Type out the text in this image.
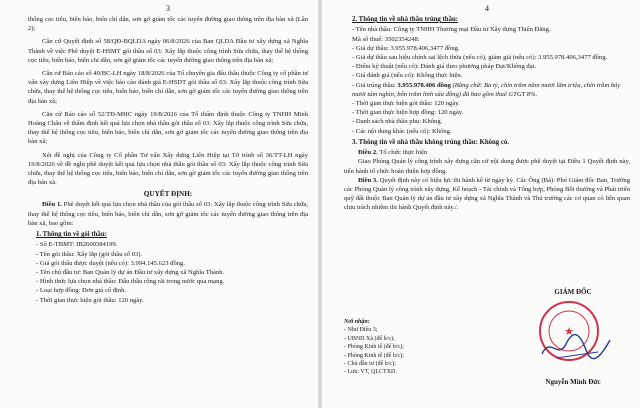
3

thống cọc tiêu, biển báo, biển chỉ dẫn, sơn gờ giảm tốc các tuyến đường giao thông trên địa bàn xã (Lần 2);

Căn cứ Quyết định số 58/QĐ-BQLDA ngày 06/8/2026 của Ban QLDA Đầu tư xây dựng xã Nghĩa Thành về việc Phê duyệt E-HSMT gói thầu số 03: Xây lắp thuộc công trình Sửa chữa, thay thế hệ thống cọc tiêu, biển báo, biển chỉ dẫn, sơn gờ giảm tốc các tuyến đường giao thông trên địa bàn xã;

Căn cứ Báo cáo số 40/BC-LH ngày 18/8/2026 của Tổ chuyên gia đấu thầu thuộc Công ty cổ phần tư vấn xây dựng Liên Hiệp về việc báo cáo đánh giá E-HSDT gói thầu số 03: Xây lắp thuộc công trình Sửa chữa, thay thế hệ thống cọc tiêu, biển báo, biển chỉ dẫn, sơn gờ giảm tốc các tuyến đường giao thông trên địa bàn xã;

Căn cứ Báo cáo số 52/TĐ-MHC ngày 19/8/2026 của Tổ thẩm định thuộc Công ty TNHH Minh Hoàng Châu về thẩm định kết quả lựa chọn nhà thầu gói thầu số 03: Xây lắp thuộc công trình Sửa chữa, thay thế hệ thống cọc tiêu, biển báo, biển chỉ dẫn, sơn gờ giảm tốc các tuyến đường giao thông trên địa bàn xã;

Xét đề nghị của Công ty Cổ phần Tư vấn Xây dựng Liên Hiệp tại Tờ trình số 36/TT-LH ngày 19/8/2026 về đề nghị phê duyệt kết quả lựa chọn nhà thầu gói thầu số 03: Xây lắp thuộc công trình Sửa chữa, thay thế hệ thống cọc tiêu, biển báo, biển chỉ dẫn, sơn gờ giảm tốc các tuyến đường giao thông trên địa bàn xã.

QUYẾT ĐỊNH:

Điều 1. Phê duyệt kết quả lựa chọn nhà thầu của gói thầu số 03: Xây lắp thuộc công trình Sửa chữa, thay thế hệ thống cọc tiêu, biển báo, biển chỉ dẫn, sơn gờ giảm tốc các tuyến đường giao thông trên địa bàn xã, bao gồm:

1. Thông tin về gói thầu:
- Số E-TBMT: IB2600384199.
- Tên gói thầu: Xây lắp (gói thầu số 03).
- Giá gói thầu được duyệt (nếu có): 3.994.145.623 đồng.
- Tên chủ đầu tư: Ban Quản lý dự án Đầu tư xây dựng xã Nghĩa Thành.
- Hình thức lựa chọn nhà thầu: Đấu thầu rộng rãi trong nước qua mạng.
- Loại hợp đồng: Đơn giá cố định.
- Thời gian thực hiện gói thầu: 120 ngày.
4
2. Thông tin về nhà thầu trúng thầu:
- Tên nhà thầu: Công ty TNHH Thương mại Đầu tư Xây dựng Thiên Đăng.
Mã số thuế: 3502354248.
- Giá dự thầu: 3.955.978.406,3477 đồng.
- Giá dự thầu sau hiệu chỉnh sai lệch thừa (nếu có), giảm giá (nếu có): 3.955.978.406,3477 đồng.
- Điểm kỹ thuật (nếu có): Đánh giá theo phương pháp Đạt/Không đạt.
- Giá đánh giá (nếu có): Không thực hiện.
- Giá trúng thầu: 3.955.978.406 đồng (Bằng chữ: Ba tỷ, chín trăm năm mươi lăm triệu, chín trăm bảy mươi tám nghìn, bốn trăm linh sáu đồng) đã bao gồm thuế GTGT 8%.
- Thời gian thực hiện gói thầu: 120 ngày.
- Thời gian thực hiện hợp đồng: 120 ngày.
- Danh sách nhà thầu phụ: Không.
- Các nội dung khác (nếu có): Không.
3. Thông tin về nhà thầu không trúng thầu: Không có.

Điều 2. Tổ chức thực hiện

Giao Phòng Quản lý công trình xây dựng căn cứ nội dung được phê duyệt tại Điều 1 Quyết định này, tiến hành tổ chức hoàn thiện hợp đồng.

Điều 3. Quyết định này có hiệu lực thi hành kể từ ngày ký. Các Ông (Bà): Phó Giám đốc Ban, Trưởng các Phòng Quản lý công trình xây dựng, Kế hoạch - Tài chính và Tổng hợp, Phòng Bồi thường và Phát triển quỹ đất thuộc Ban Quản lý dự án đầu tư xây dựng xã Nghĩa Thành và Thủ trưởng các cơ quan có liên quan chịu trách nhiệm thi hành Quyết định này./.

Nơi nhận:
- Như Điều 3;
- UBND Xã (để b/c);
- Phòng Kinh tế (để b/c);
- Phòng Kinh tế (để b/c);
- Chủ đầu tư (để b/c);
- Lưu: VT, QLCTXD.
GIÁM ĐỐC
★
Nguyễn Minh Đức
